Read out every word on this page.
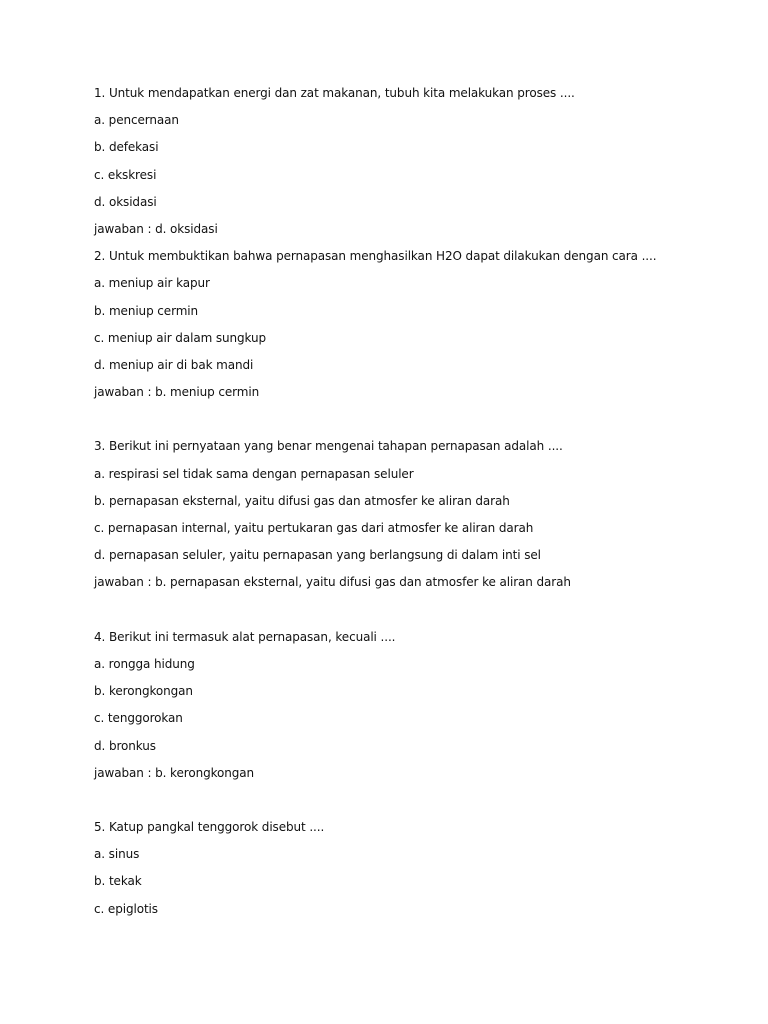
1. Untuk mendapatkan energi dan zat makanan, tubuh kita melakukan proses ....
a. pencernaan
b. defekasi
c. ekskresi
d. oksidasi
jawaban : d. oksidasi
2. Untuk membuktikan bahwa pernapasan menghasilkan H2O dapat dilakukan dengan cara ....
a. meniup air kapur
b. meniup cermin
c. meniup air dalam sungkup
d. meniup air di bak mandi
jawaban : b. meniup cermin
3. Berikut ini pernyataan yang benar mengenai tahapan pernapasan adalah ....
a. respirasi sel tidak sama dengan pernapasan seluler
b. pernapasan eksternal, yaitu difusi gas dan atmosfer ke aliran darah
c. pernapasan internal, yaitu pertukaran gas dari atmosfer ke aliran darah
d. pernapasan seluler, yaitu pernapasan yang berlangsung di dalam inti sel
jawaban : b. pernapasan eksternal, yaitu difusi gas dan atmosfer ke aliran darah
4. Berikut ini termasuk alat pernapasan, kecuali ....
a. rongga hidung
b. kerongkongan
c. tenggorokan
d. bronkus
jawaban : b. kerongkongan
5. Katup pangkal tenggorok disebut ....
a. sinus
b. tekak
c. epiglotis
